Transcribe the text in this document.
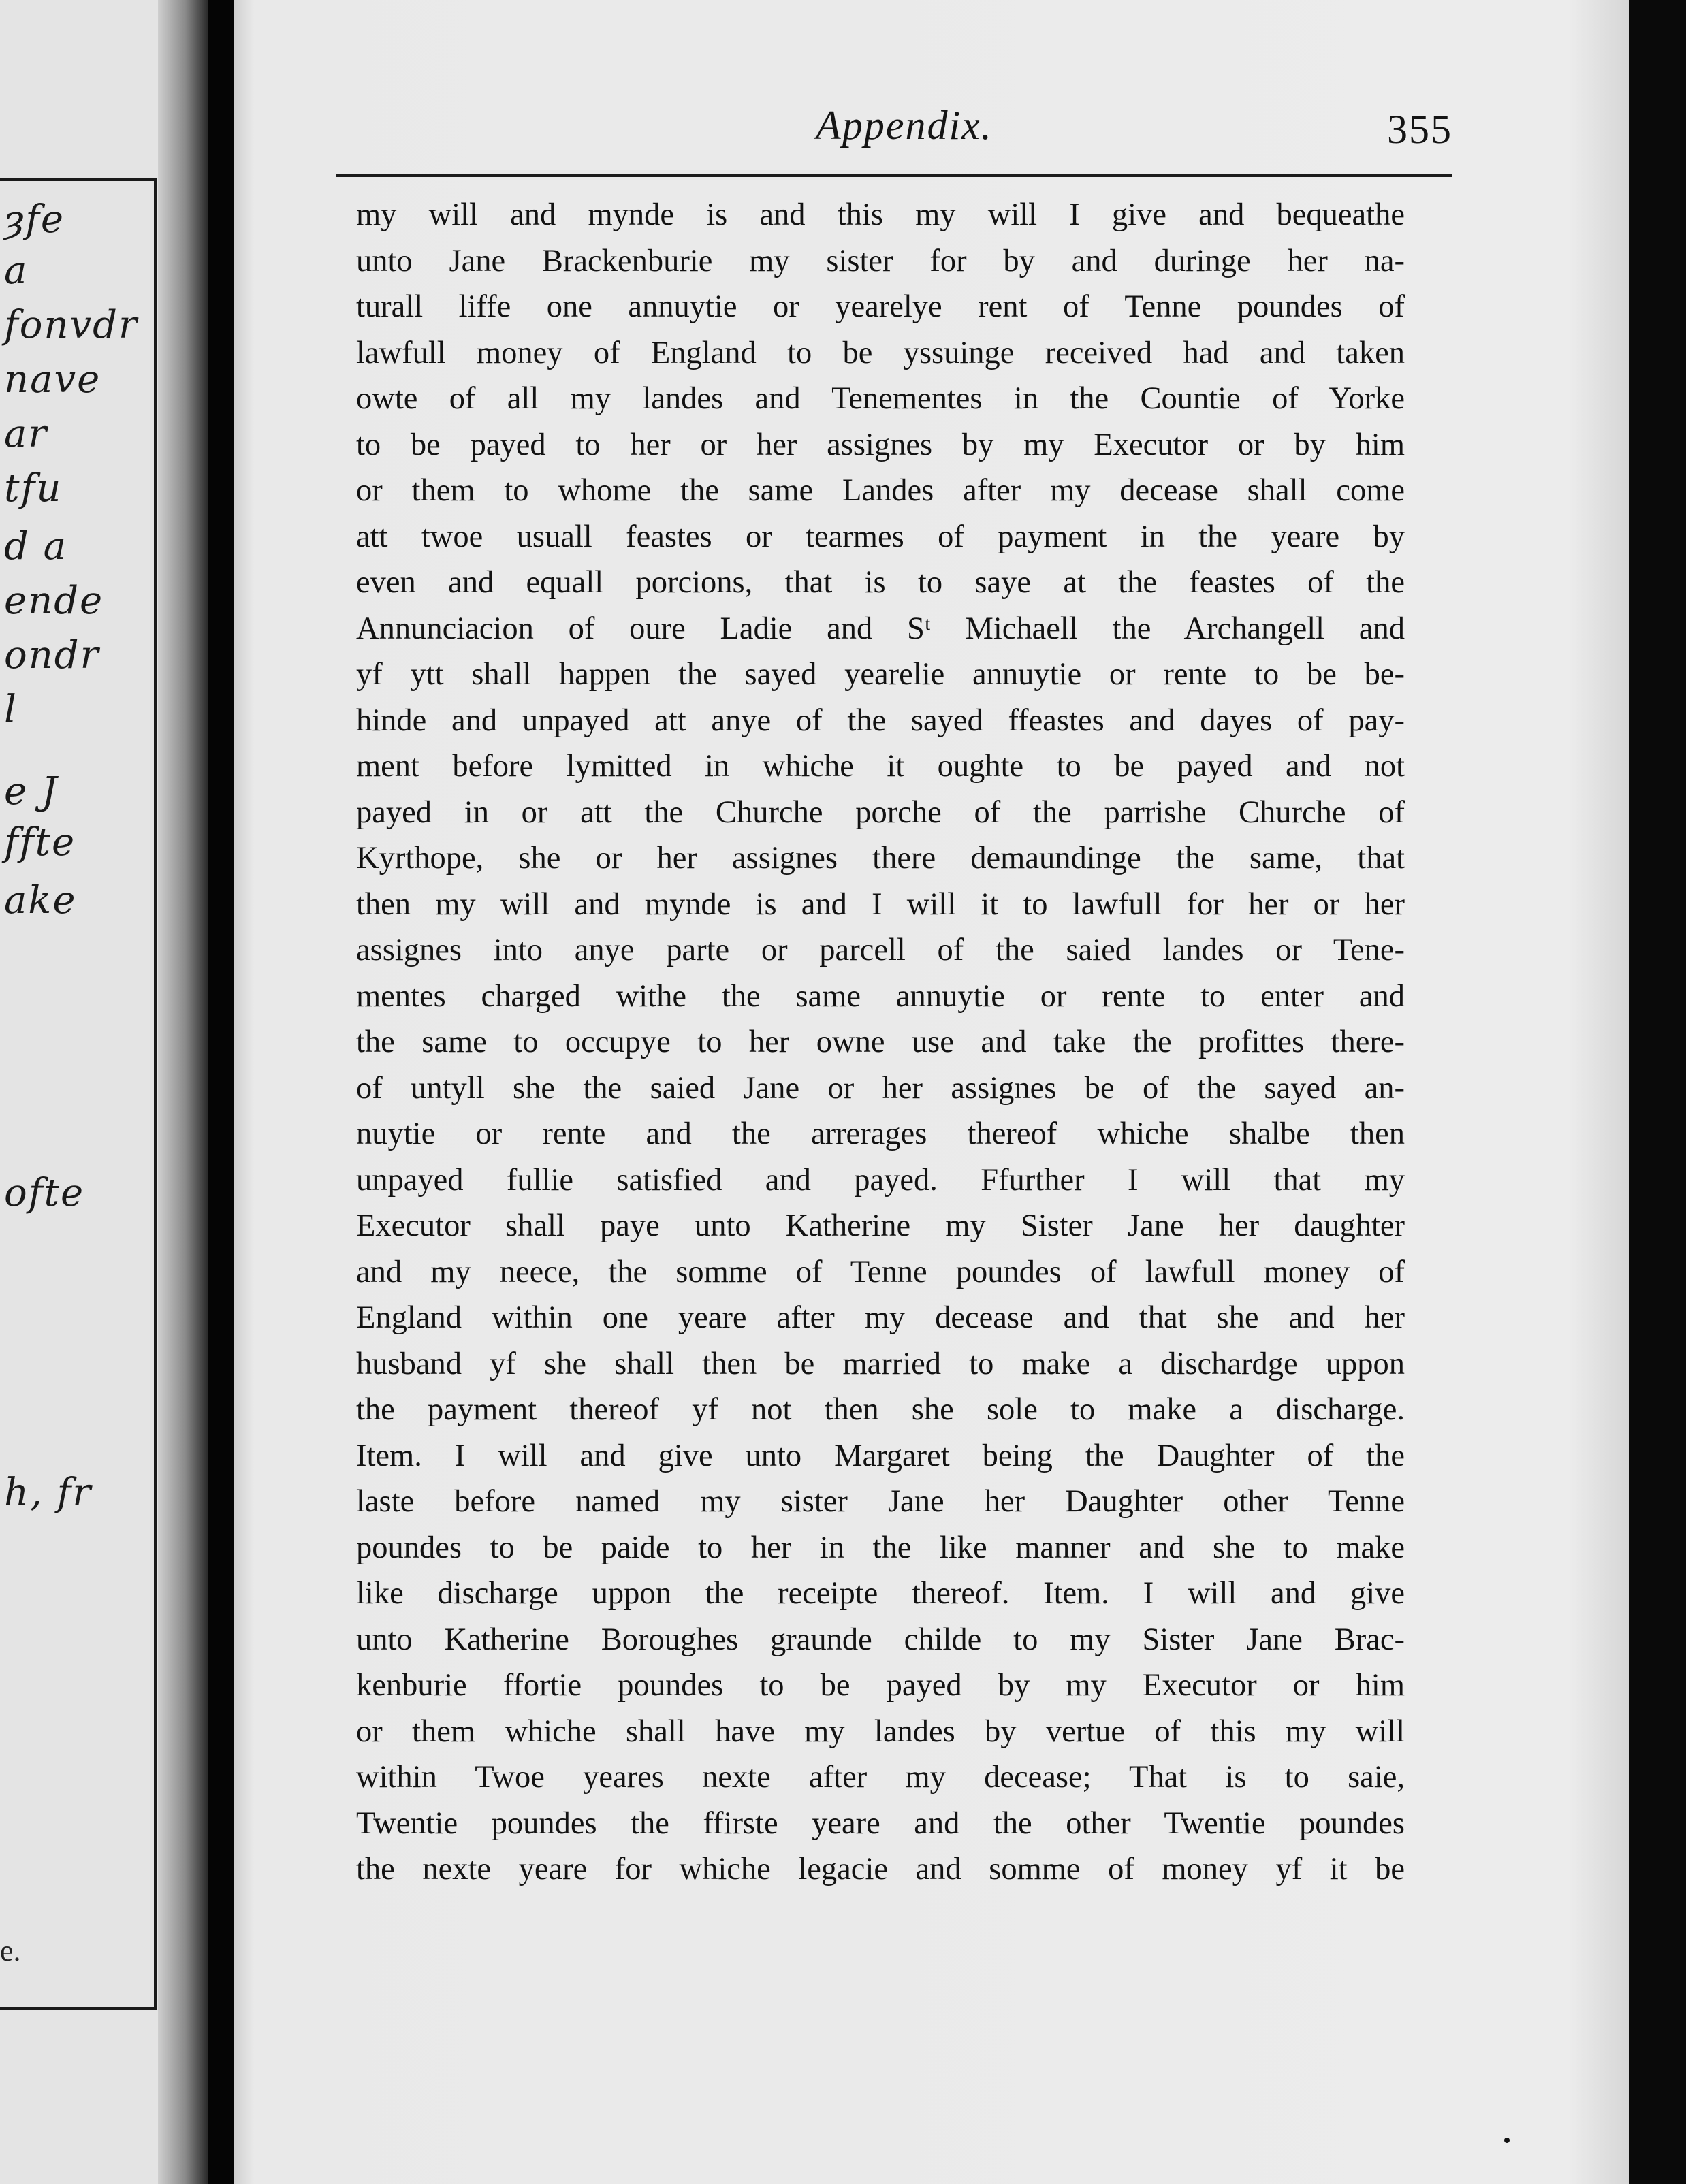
ȝfe
a
fonvdr
nave
ar
tfu
d a
ende
ondr
l
e J
ffte
ake
ofte
h, fr
e.
Appendix.	355
my will and mynde is and this my will I give and bequeathe
unto Jane Brackenburie my sister for by and duringe her na-
turall liffe one annuytie or yearelye rent of Tenne poundes of
lawfull money of England to be yssuinge received had and taken
owte of all my landes and Tenementes in the Countie of Yorke
to be payed to her or her assignes by my Executor or by him
or them to whome the same Landes after my decease shall come
att twoe usuall feastes or tearmes of payment in the yeare by
even and equall porcions, that is to saye at the feastes of the
Annunciacion of oure Ladie and Sᵗ Michaell the Archangell and
yf ytt shall happen the sayed yearelie annuytie or rente to be be-
hinde and unpayed att anye of the sayed ffeastes and dayes of pay-
ment before lymitted in whiche it oughte to be payed and not
payed in or att the Churche porche of the parrishe Churche of
Kyrthope, she or her assignes there demaundinge the same, that
then my will and mynde is and I will it to lawfull for her or her
assignes into anye parte or parcell of the saied landes or Tene-
mentes charged withe the same annuytie or rente to enter and
the same to occupye to her owne use and take the profittes there-
of untyll she the saied Jane or her assignes be of the sayed an-
nuytie or rente and the arrerages thereof whiche shalbe then
unpayed fullie satisfied and payed. Ffurther I will that my
Executor shall paye unto Katherine my Sister Jane her daughter
and my neece, the somme of Tenne poundes of lawfull money of
England within one yeare after my decease and that she and her
husband yf she shall then be married to make a dischardge uppon
the payment thereof yf not then she sole to make a discharge.
Item. I will and give unto Margaret being the Daughter of the
laste before named my sister Jane her Daughter other Tenne
poundes to be paide to her in the like manner and she to make
like discharge uppon the receipte thereof. Item. I will and give
unto Katherine Boroughes graunde childe to my Sister Jane Brac-
kenburie ffortie poundes to be payed by my Executor or him
or them whiche shall have my landes by vertue of this my will
within Twoe yeares nexte after my decease; That is to saie,
Twentie poundes the ffirste yeare and the other Twentie poundes
the nexte yeare for whiche legacie and somme of money yf it be
